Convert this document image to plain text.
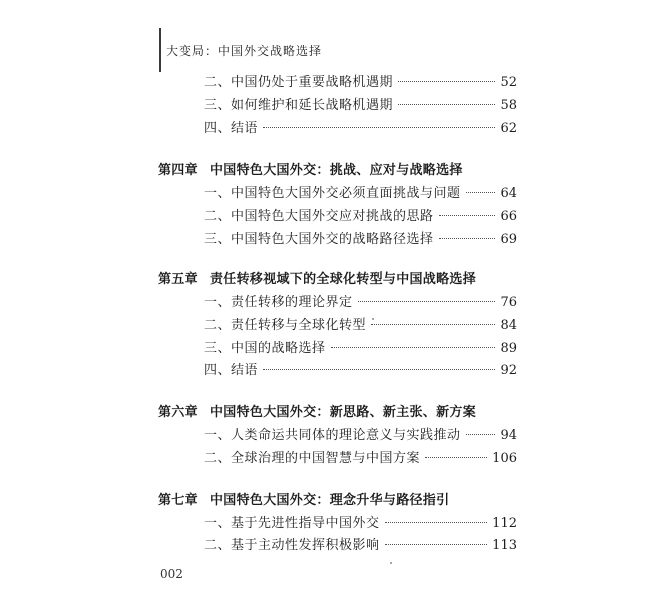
大变局：中国外交战略选择
二、中国仍处于重要战略机遇期	52
三、如何维护和延长战略机遇期	58
四、结语	62
第四章 中国特色大国外交：挑战、应对与战略选择
一、中国特色大国外交必须直面挑战与问题	64
二、中国特色大国外交应对挑战的思路	66
三、中国特色大国外交的战略路径选择	69
第五章 责任转移视域下的全球化转型与中国战略选择
一、责任转移的理论界定	76
二、责任转移与全球化转型	84
三、中国的战略选择	89
四、结语	92
第六章 中国特色大国外交：新思路、新主张、新方案
一、人类命运共同体的理论意义与实践推动	94
二、全球治理的中国智慧与中国方案	106
第七章 中国特色大国外交：理念升华与路径指引
一、基于先进性指导中国外交	112
二、基于主动性发挥积极影响	113
002
